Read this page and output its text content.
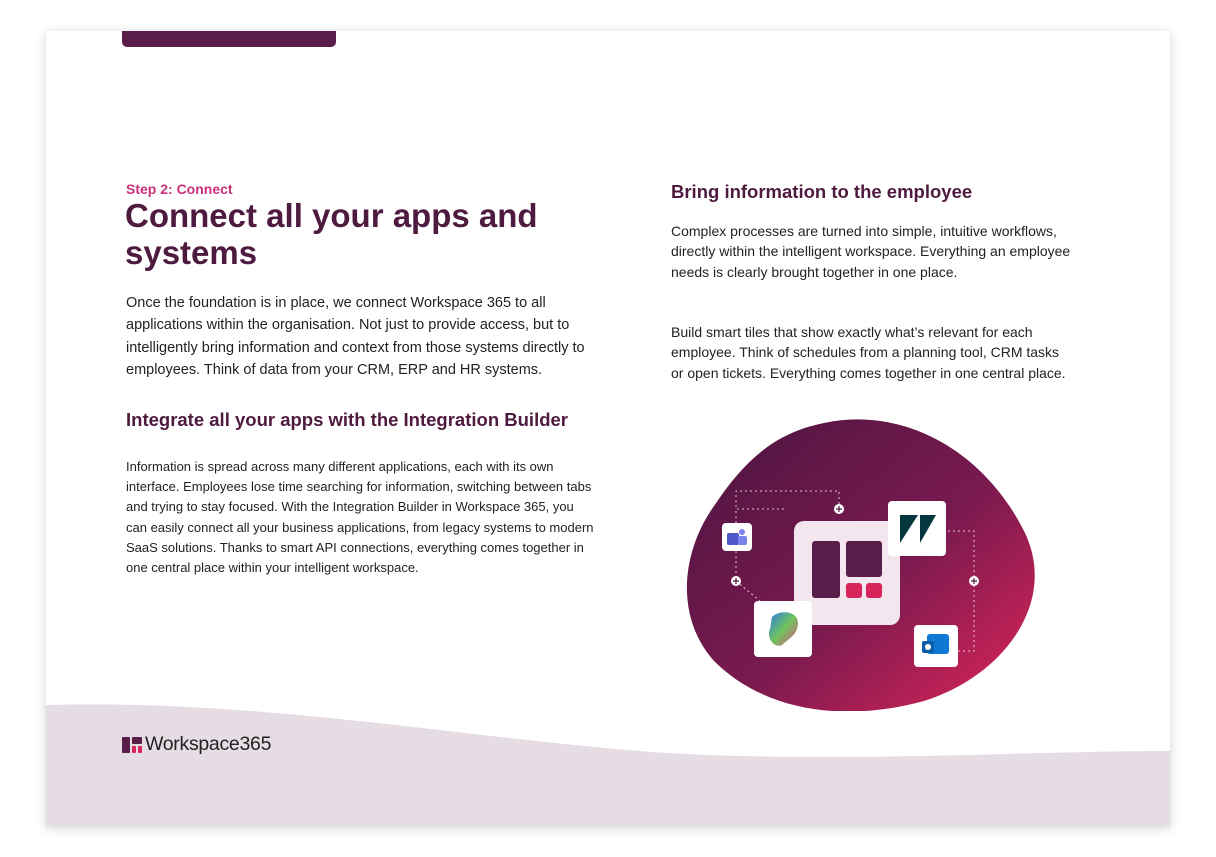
Step 2: Connect
Connect all your apps and systems

Once the foundation is in place, we connect Workspace 365 to all applications within the organisation. Not just to provide access, but to intelligently bring information and context from those systems directly to employees. Think of data from your CRM, ERP and HR systems.

Integrate all your apps with the Integration Builder

Information is spread across many different applications, each with its own interface. Employees lose time searching for information, switching between tabs and trying to stay focused. With the Integration Builder in Workspace 365, you can easily connect all your business applications, from legacy systems to modern SaaS solutions. Thanks to smart API connections, everything comes together in one central place within your intelligent workspace.

Bring information to the employee

Complex processes are turned into simple, intuitive workflows, directly within the intelligent workspace. Everything an employee needs is clearly brought together in one place.

Build smart tiles that show exactly what’s relevant for each employee. Think of schedules from a planning tool, CRM tasks or open tickets. Everything comes together in one central place.

Workspace365
